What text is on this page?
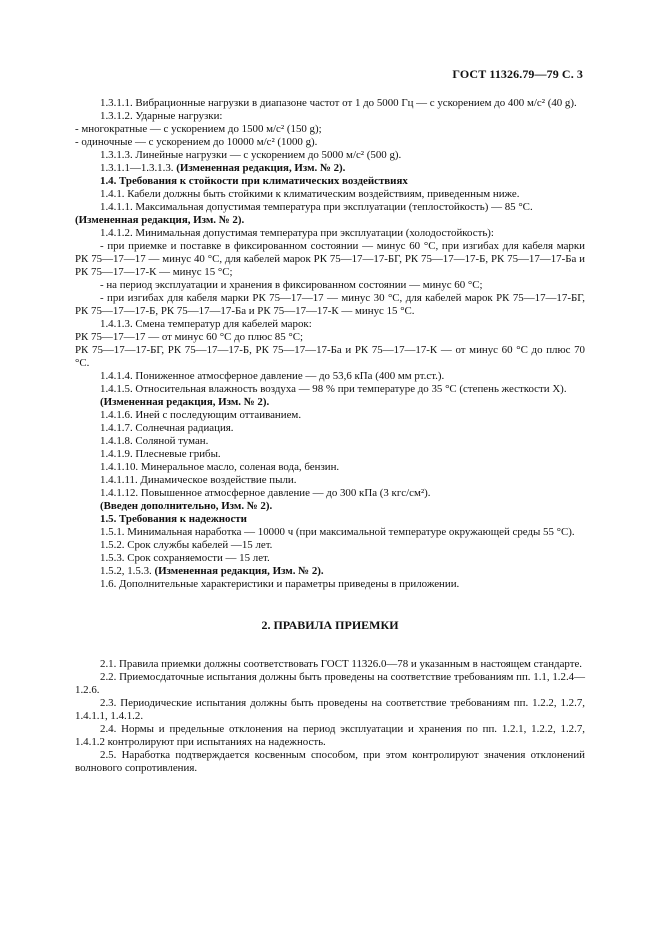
ГОСТ 11326.79—79 С. 3

1.3.1.1. Вибрационные нагрузки в диапазоне частот от 1 до 5000 Гц — с ускорением до 400 м/с² (40 g).

1.3.1.2. Ударные нагрузки:

- многократные — с ускорением до 1500 м/с² (150 g);

- одиночные — с ускорением до 10000 м/с² (1000 g).

1.3.1.3. Линейные нагрузки — с ускорением до 5000 м/с² (500 g).

1.3.1.1—1.3.1.3. (Измененная редакция, Изм. № 2).

1.4. Требования к стойкости при климатических воздействиях

1.4.1. Кабели должны быть стойкими к климатическим воздействиям, приведенным ниже.

1.4.1.1. Максимальная допустимая температура при эксплуатации (теплостойкость) — 85 °С.

(Измененная редакция, Изм. № 2).

1.4.1.2. Минимальная допустимая температура при эксплуатации (холодостойкость):

- при приемке и поставке в фиксированном состоянии — минус 60 °С, при изгибах для кабеля марки РК 75—17—17 — минус 40 °С, для кабелей марок РК 75—17—17-БГ, РК 75—17—17-Б, РК 75—17—17-Ба и РК 75—17—17-К — минус 15 °С;

- на период эксплуатации и хранения в фиксированном состоянии — минус 60 °С;

- при изгибах для кабеля марки РК 75—17—17 — минус 30 °С, для кабелей марок РК 75—17—17-БГ, РК 75—17—17-Б, РК 75—17—17-Ба и РК 75—17—17-К — минус 15 °С.

1.4.1.3. Смена температур для кабелей марок:

РК 75—17—17 — от минус 60 °С до плюс 85 °С;

РК 75—17—17-БГ, РК 75—17—17-Б, РК 75—17—17-Ба и РК 75—17—17-К — от минус 60 °С до плюс 70 °С.

1.4.1.4. Пониженное атмосферное давление — до 53,6 кПа (400 мм рт.ст.).

1.4.1.5. Относительная влажность воздуха — 98 % при температуре до 35 °С (степень жесткости Х).

(Измененная редакция, Изм. № 2).

1.4.1.6. Иней с последующим оттаиванием.

1.4.1.7. Солнечная радиация.

1.4.1.8. Соляной туман.

1.4.1.9. Плесневые грибы.

1.4.1.10. Минеральное масло, соленая вода, бензин.

1.4.1.11. Динамическое воздействие пыли.

1.4.1.12. Повышенное атмосферное давление — до 300 кПа (3 кгс/см²).

(Введен дополнительно, Изм. № 2).

1.5. Требования к надежности

1.5.1. Минимальная наработка — 10000 ч (при максимальной температуре окружающей среды 55 °С).

1.5.2. Срок службы кабелей —15 лет.

1.5.3. Срок сохраняемости — 15 лет.

1.5.2, 1.5.3. (Измененная редакция, Изм. № 2).

1.6. Дополнительные характеристики и параметры приведены в приложении.

2. ПРАВИЛА ПРИЕМКИ

2.1. Правила приемки должны соответствовать ГОСТ 11326.0—78 и указанным в настоящем стандарте.

2.2. Приемосдаточные испытания должны быть проведены на соответствие требованиям пп. 1.1, 1.2.4—1.2.6.

2.3. Периодические испытания должны быть проведены на соответствие требованиям пп. 1.2.2, 1.2.7, 1.4.1.1, 1.4.1.2.

2.4. Нормы и предельные отклонения на период эксплуатации и хранения по пп. 1.2.1, 1.2.2, 1.2.7, 1.4.1.2 контролируют при испытаниях на надежность.

2.5. Наработка подтверждается косвенным способом, при этом контролируют значения отклонений волнового сопротивления.
